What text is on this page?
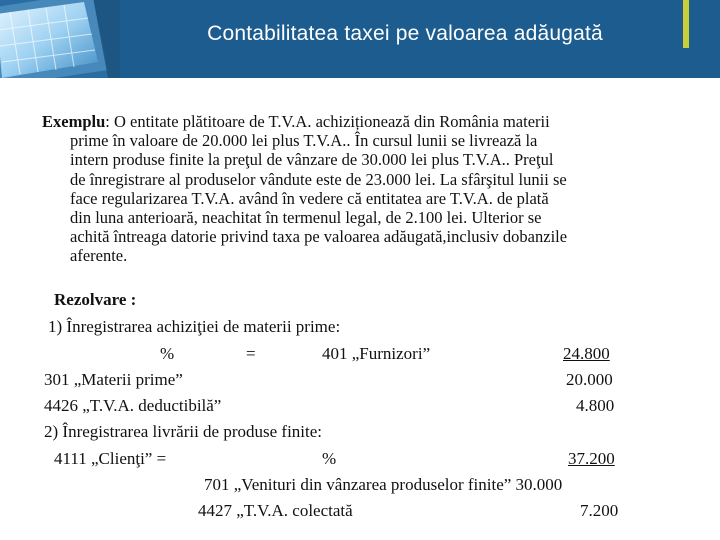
Contabilitatea taxei pe valoarea adăugată
Exemplu: O entitate plătitoare de T.V.A. achiziționează din România materii
prime în valoare de 20.000 lei plus T.V.A.. În cursul lunii se livrează la
intern produse finite la preţul de vânzare de 30.000 lei plus T.V.A.. Preţul
de înregistrare al produselor vândute este de 23.000 lei. La sfârşitul lunii se
face regularizarea T.V.A. având în vedere că entitatea are T.V.A. de plată
din luna anterioară, neachitat în termenul legal, de 2.100 lei. Ulterior se
achită întreaga datorie privind taxa pe valoarea adăugată,inclusiv dobanzile
aferente.
Rezolvare :
1) Înregistrarea achiziţiei de materii prime:
%	=	401 „Furnizori”	24.800
301 „Materii prime”	20.000
4426 „T.V.A. deductibilă”	4.800
2) Înregistrarea livrării de produse finite:
4111 „Clienţi” =	%	37.200
701 „Venituri din vânzarea produselor finite” 30.000
4427 „T.V.A. colectată	7.200
